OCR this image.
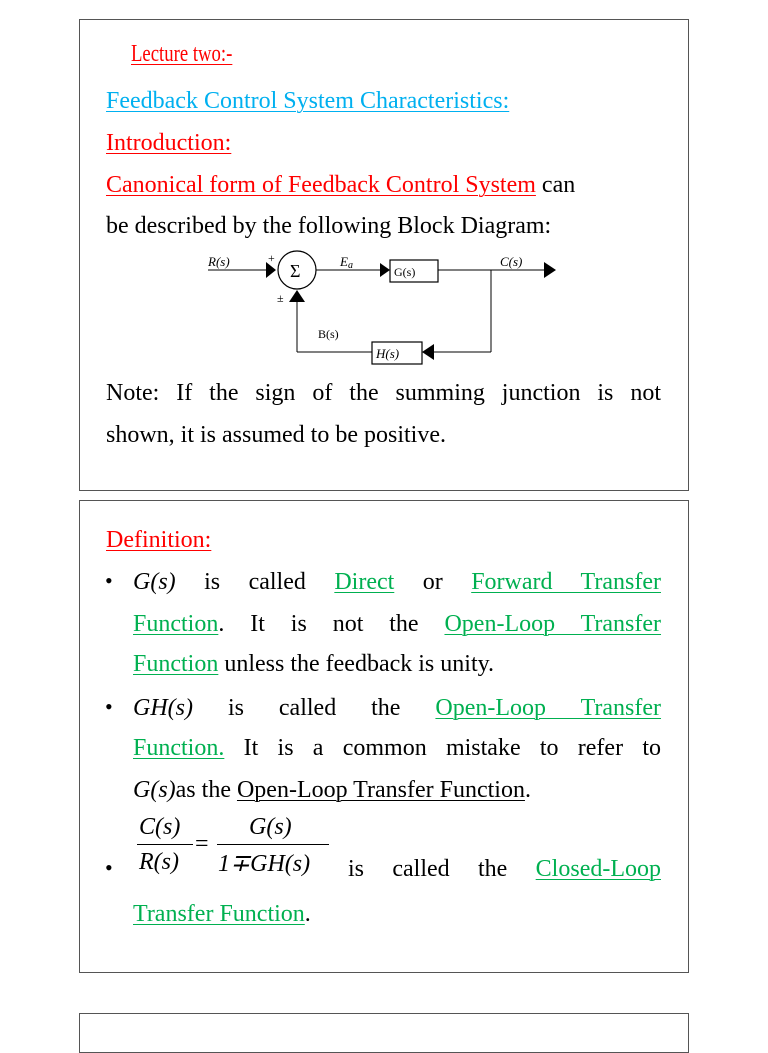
Lecture two:-
Feedback Control System Characteristics:
Introduction:
Canonical form of Feedback Control System can
be described by the following Block Diagram:
R(s)	+
Σ
±
Ea	G(s)
C(s)
H(s)
B(s)
Note: If the sign of the summing junction is not
shown, it is assumed to be positive.
Definition:
• G(s) is called Direct or Forward Transfer
Function. It is not the Open-Loop Transfer
Function unless the feedback is unity.
• GH(s) is called the Open-Loop Transfer
Function. It is a common mistake to refer to
G(s)as the Open-Loop Transfer Function.
•
C(s)
R(s)
=
G(s)
1∓GH(s) is called the Closed-Loop
Transfer Function.
